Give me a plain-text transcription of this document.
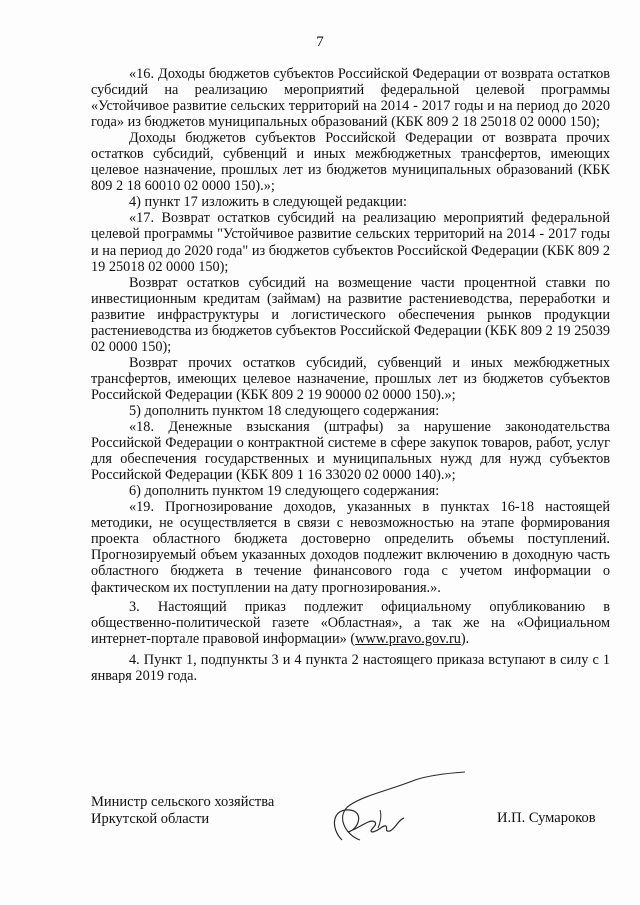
7

«16. Доходы бюджетов субъектов Российской Федерации от возврата остатков субсидий на реализацию мероприятий федеральной целевой программы «Устойчивое развитие сельских территорий на 2014 - 2017 годы и на период до 2020 года» из бюджетов муниципальных образований (КБК 809 2 18 25018 02 0000 150);

Доходы бюджетов субъектов Российской Федерации от возврата прочих остатков субсидий, субвенций и иных межбюджетных трансфертов, имеющих целевое назначение, прошлых лет из бюджетов муниципальных образований (КБК 809 2 18 60010 02 0000 150).»;

4) пункт 17 изложить в следующей редакции:

«17. Возврат остатков субсидий на реализацию мероприятий федеральной целевой программы "Устойчивое развитие сельских территорий на 2014 - 2017 годы и на период до 2020 года" из бюджетов субъектов Российской Федерации (КБК 809 2 19 25018 02 0000 150);

Возврат остатков субсидий на возмещение части процентной ставки по инвестиционным кредитам (займам) на развитие растениеводства, переработки и развитие инфраструктуры и логистического обеспечения рынков продукции растениеводства из бюджетов субъектов Российской Федерации (КБК 809 2 19 25039 02 0000 150);

Возврат прочих остатков субсидий, субвенций и иных межбюджетных трансфертов, имеющих целевое назначение, прошлых лет из бюджетов субъектов Российской Федерации (КБК 809 2 19 90000 02 0000 150).»;

5) дополнить пунктом 18 следующего содержания:

«18. Денежные взыскания (штрафы) за нарушение законодательства Российской Федерации о контрактной системе в сфере закупок товаров, работ, услуг для обеспечения государственных и муниципальных нужд для нужд субъектов Российской Федерации (КБК 809 1 16 33020 02 0000 140).»;

6) дополнить пунктом 19 следующего содержания:

«19. Прогнозирование доходов, указанных в пунктах 16-18 настоящей методики, не осуществляется в связи с невозможностью на этапе формирования проекта областного бюджета достоверно определить объемы поступлений. Прогнозируемый объем указанных доходов подлежит включению в доходную часть областного бюджета в течение финансового года с учетом информации о фактическом их поступлении на дату прогнозирования.».

3. Настоящий приказ подлежит официальному опубликованию в общественно-политической газете «Областная», а так же на «Официальном интернет-портале правовой информации» (www.pravo.gov.ru).

4. Пункт 1, подпункты 3 и 4 пункта 2 настоящего приказа вступают в силу с 1 января 2019 года.

Министр сельского хозяйства
Иркутской области	И.П. Сумароков
